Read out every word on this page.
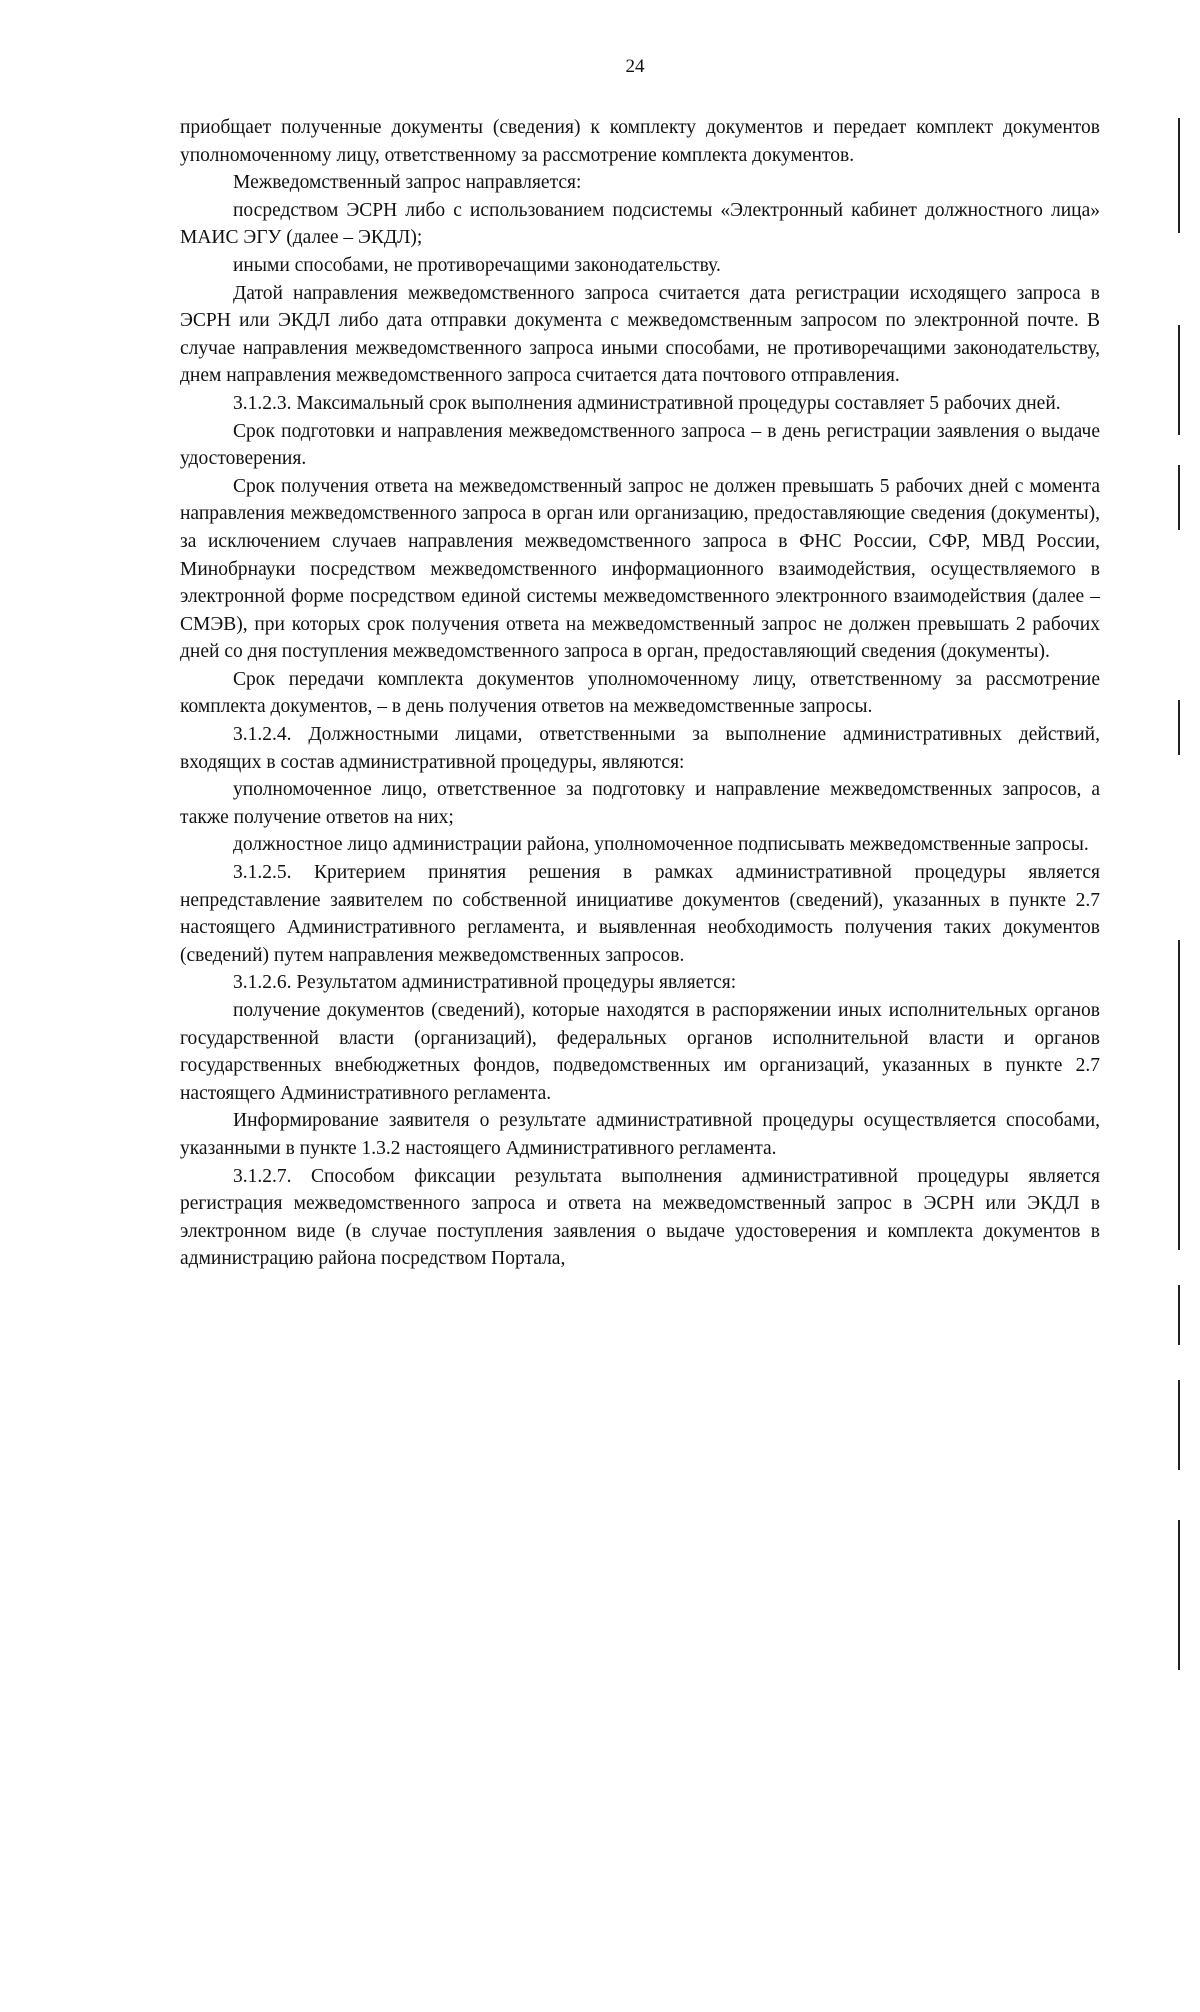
24

приобщает полученные документы (сведения) к комплекту документов и передает комплект документов уполномоченному лицу, ответственному за рассмотрение комплекта документов.

Межведомственный запрос направляется:

посредством ЭСРН либо с использованием подсистемы «Электронный кабинет должностного лица» МАИС ЭГУ (далее – ЭКДЛ);

иными способами, не противоречащими законодательству.

Датой направления межведомственного запроса считается дата регистрации исходящего запроса в ЭСРН или ЭКДЛ либо дата отправки документа с межведомственным запросом по электронной почте. В случае направления межведомственного запроса иными способами, не противоречащими законодательству, днем направления межведомственного запроса считается дата почтового отправления.

3.1.2.3. Максимальный срок выполнения административной процедуры составляет 5 рабочих дней.

Срок подготовки и направления межведомственного запроса – в день регистрации заявления о выдаче удостоверения.

Срок получения ответа на межведомственный запрос не должен превышать 5 рабочих дней с момента направления межведомственного запроса в орган или организацию, предоставляющие сведения (документы), за исключением случаев направления межведомственного запроса в ФНС России, СФР, МВД России, Минобрнауки посредством межведомственного информационного взаимодействия, осуществляемого в электронной форме посредством единой системы межведомственного электронного взаимодействия (далее – СМЭВ), при которых срок получения ответа на межведомственный запрос не должен превышать 2 рабочих дней со дня поступления межведомственного запроса в орган, предоставляющий сведения (документы).

Срок передачи комплекта документов уполномоченному лицу, ответственному за рассмотрение комплекта документов, – в день получения ответов на межведомственные запросы.

3.1.2.4. Должностными лицами, ответственными за выполнение административных действий, входящих в состав административной процедуры, являются:

уполномоченное лицо, ответственное за подготовку и направление межведомственных запросов, а также получение ответов на них;

должностное лицо администрации района, уполномоченное подписывать межведомственные запросы.

3.1.2.5. Критерием принятия решения в рамках административной процедуры является непредставление заявителем по собственной инициативе документов (сведений), указанных в пункте 2.7 настоящего Административного регламента, и выявленная необходимость получения таких документов (сведений) путем направления межведомственных запросов.

3.1.2.6. Результатом административной процедуры является:

получение документов (сведений), которые находятся в распоряжении иных исполнительных органов государственной власти (организаций), федеральных органов исполнительной власти и органов государственных внебюджетных фондов, подведомственных им организаций, указанных в пункте 2.7 настоящего Административного регламента.

Информирование заявителя о результате административной процедуры осуществляется способами, указанными в пункте 1.3.2 настоящего Административного регламента.

3.1.2.7. Способом фиксации результата выполнения административной процедуры является регистрация межведомственного запроса и ответа на межведомственный запрос в ЭСРН или ЭКДЛ в электронном виде (в случае поступления заявления о выдаче удостоверения и комплекта документов в администрацию района посредством Портала,
